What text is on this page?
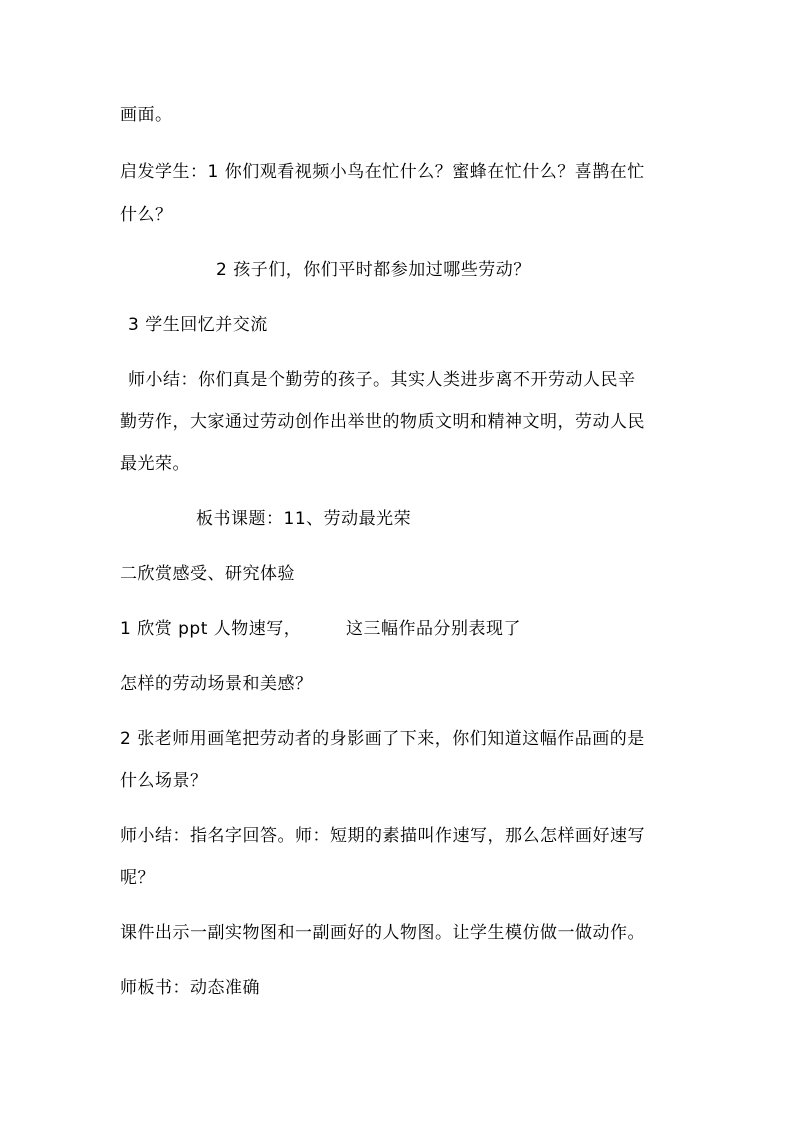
画面。
启发学生：1 你们观看视频小鸟在忙什么？蜜蜂在忙什么？喜鹊在忙
什么？
2 孩子们，你们平时都参加过哪些劳动？
3 学生回忆并交流
师小结：你们真是个勤劳的孩子。其实人类进步离不开劳动人民辛
勤劳作，大家通过劳动创作出举世的物质文明和精神文明，劳动人民
最光荣。
板书课题：11、劳动最光荣
二欣赏感受、研究体验
1 欣赏 ppt 人物速写，	这三幅作品分别表现了
怎样的劳动场景和美感？
2 张老师用画笔把劳动者的身影画了下来，你们知道这幅作品画的是
什么场景？
师小结：指名字回答。师：短期的素描叫作速写，那么怎样画好速写
呢？
课件出示一副实物图和一副画好的人物图。让学生模仿做一做动作。
师板书：动态准确
